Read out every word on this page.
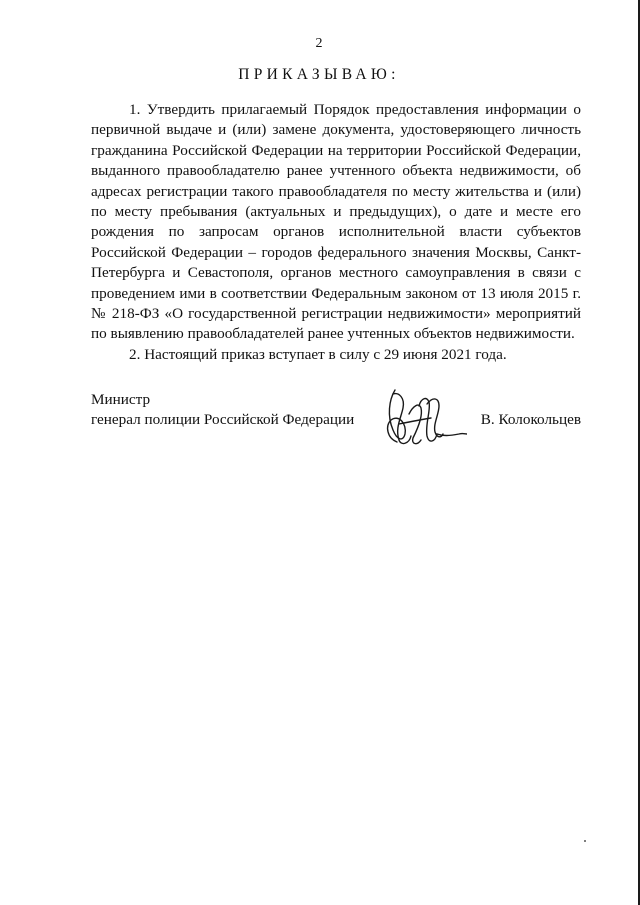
2
ПРИКАЗЫВАЮ:

1. Утвердить прилагаемый Порядок предоставления информации о первичной выдаче и (или) замене документа, удостоверяющего личность гражданина Российской Федерации на территории Российской Федерации, выданного правообладателю ранее учтенного объекта недвижимости, об адресах регистрации такого правообладателя по месту жительства и (или) по месту пребывания (актуальных и предыдущих), о дате и месте его рождения по запросам органов исполнительной власти субъектов Российской Федерации – городов федерального значения Москвы, Санкт-Петербурга и Севастополя, органов местного самоуправления в связи с проведением ими в соответствии Федеральным законом от 13 июля 2015 г. № 218-ФЗ «О государственной регистрации недвижимости» мероприятий по выявлению правообладателей ранее учтенных объектов недвижимости.

2. Настоящий приказ вступает в силу с 29 июня 2021 года.

Министр
генерал полиции Российской Федерации	В. Колокольцев
